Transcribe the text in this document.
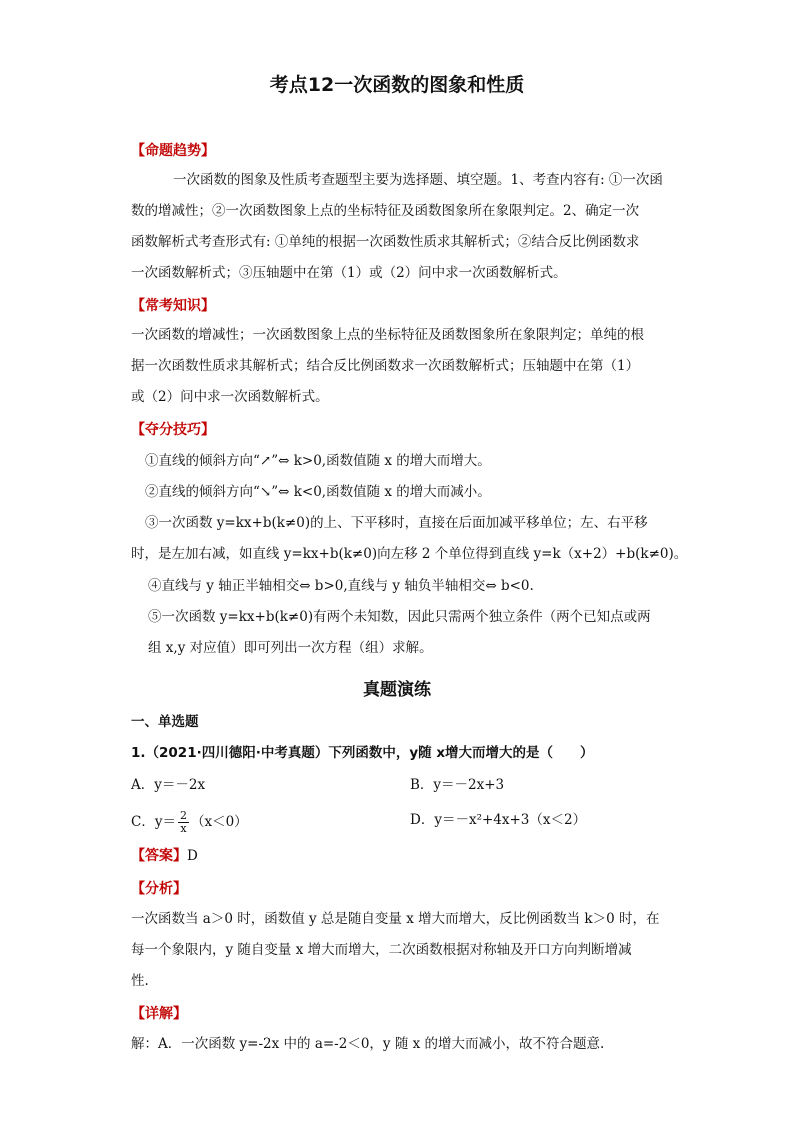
考点12一次函数的图象和性质
【命题趋势】
一次函数的图象及性质考查题型主要为选择题、填空题。1、考查内容有: ①一次函
数的增减性；②一次函数图象上点的坐标特征及函数图象所在象限判定。2、确定一次
函数解析式考查形式有: ①单纯的根据一次函数性质求其解析式；②结合反比例函数求
一次函数解析式；③压轴题中在第（1）或（2）问中求一次函数解析式。
【常考知识】
一次函数的增减性；一次函数图象上点的坐标特征及函数图象所在象限判定；单纯的根
据一次函数性质求其解析式；结合反比例函数求一次函数解析式；压轴题中在第（1）
或（2）问中求一次函数解析式。
【夺分技巧】
①直线的倾斜方向“↗”⇔ k>0,函数值随 x 的增大而增大。
②直线的倾斜方向“↘”⇔ k<0,函数值随 x 的增大而减小。
③一次函数 y=kx+b(k≠0)的上、下平移时，直接在后面加减平移单位；左、右平移
时，是左加右减，如直线 y=kx+b(k≠0)向左移 2 个单位得到直线 y=k（x+2）+b(k≠0)。
④直线与 y 轴正半轴相交⇔ b>0,直线与 y 轴负半轴相交⇔ b<0.
⑤一次函数 y=kx+b(k≠0)有两个未知数，因此只需两个独立条件（两个已知点或两
组 x,y 对应值）即可列出一次方程（组）求解。
真题演练
一、单选题
1.（2021·四川德阳·中考真题）下列函数中，y随 x增大而增大的是（　　）
A．y＝－2x	B．y＝－2x+3
C．$y= \frac{2}{x} (x<0)$	D．y＝－x²+4x+3（x＜2）
【答案】D
【分析】
一次函数当 a＞0 时，函数值 y 总是随自变量 x 增大而增大，反比例函数当 k＞0 时，在
每一个象限内，y 随自变量 x 增大而增大，二次函数根据对称轴及开口方向判断增减
性.
【详解】
解：A．一次函数 y=-2x 中的 a=-2＜0，y 随 x 的增大而减小，故不符合题意.
